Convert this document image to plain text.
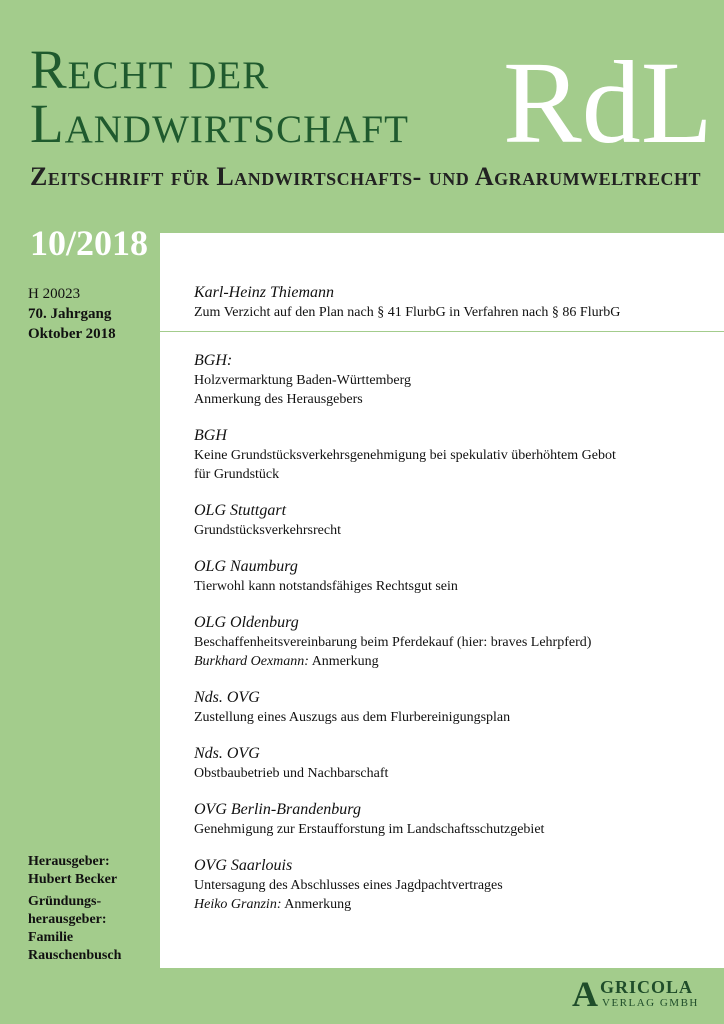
Recht der
Landwirtschaft RdL
Zeitschrift für Landwirtschafts- und Agrarumweltrecht
10/2018
H 20023
70. Jahrgang
Oktober 2018
Karl-Heinz Thiemann
Zum Verzicht auf den Plan nach § 41 FlurbG in Verfahren nach § 86 FlurbG
BGH:
Holzvermarktung Baden-Württemberg
Anmerkung des Herausgebers
BGH
Keine Grundstücksverkehrsgenehmigung bei spekulativ überhöhtem Gebot
für Grundstück
OLG Stuttgart
Grundstücksverkehrsrecht
OLG Naumburg
Tierwohl kann notstandsfähiges Rechtsgut sein
OLG Oldenburg
Beschaffenheitsvereinbarung beim Pferdekauf (hier: braves Lehrpferd)
Burkhard Oexmann: Anmerkung
Nds. OVG
Zustellung eines Auszugs aus dem Flurbereinigungsplan
Nds. OVG
Obstbaubetrieb und Nachbarschaft
OVG Berlin-Brandenburg
Genehmigung zur Erstaufforstung im Landschaftsschutzgebiet
OVG Saarlouis
Untersagung des Abschlusses eines Jagdpachtvertrages
Heiko Granzin: Anmerkung
Herausgeber:
Hubert Becker
Gründungs-
herausgeber:
Familie
Rauschenbusch
A GRICOLA
VERLAG GMBH
